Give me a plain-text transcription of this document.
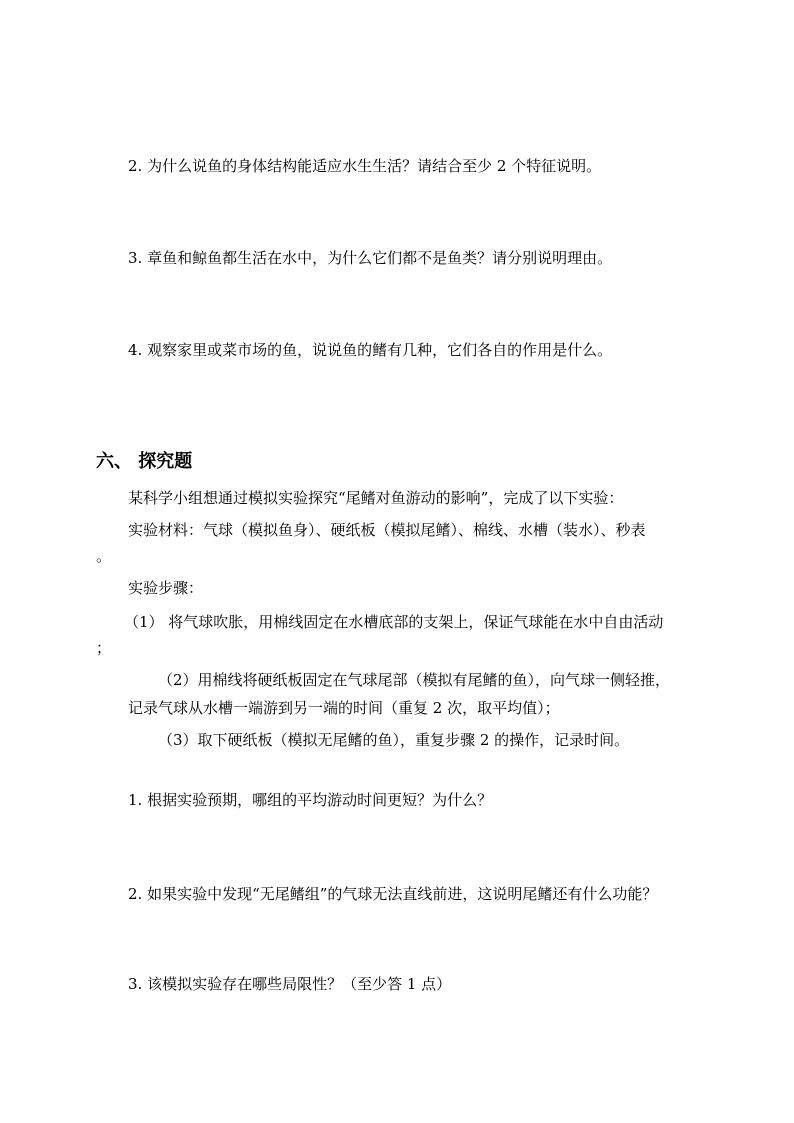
2. 为什么说鱼的身体结构能适应水生生活？请结合至少 2 个特征说明。
3. 章鱼和鲸鱼都生活在水中，为什么它们都不是鱼类？请分别说明理由。
4. 观察家里或菜市场的鱼，说说鱼的鳍有几种，它们各自的作用是什么。
六、 探究题
某科学小组想通过模拟实验探究“尾鳍对鱼游动的影响”，完成了以下实验：
实验材料：气球（模拟鱼身）、硬纸板（模拟尾鳍）、棉线、水槽（装水）、秒表
。
实验步骤：
（1） 将气球吹胀，用棉线固定在水槽底部的支架上，保证气球能在水中自由活动
；
（2）用棉线将硬纸板固定在气球尾部（模拟有尾鳍的鱼），向气球一侧轻推，
记录气球从水槽一端游到另一端的时间（重复 2 次，取平均值）；
（3）取下硬纸板（模拟无尾鳍的鱼），重复步骤 2 的操作，记录时间。
1. 根据实验预期，哪组的平均游动时间更短？为什么？
2. 如果实验中发现“无尾鳍组”的气球无法直线前进，这说明尾鳍还有什么功能？
3. 该模拟实验存在哪些局限性？（至少答 1 点）
